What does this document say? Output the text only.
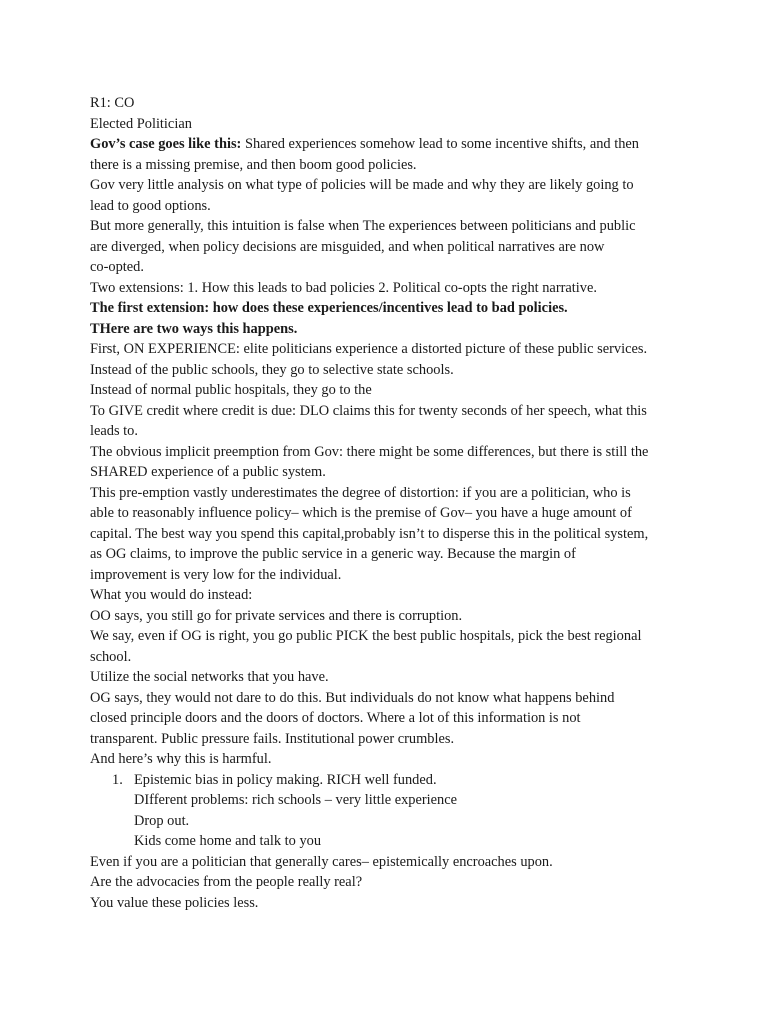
R1: CO
Elected Politician
Gov’s case goes like this: Shared experiences somehow lead to some incentive shifts, and then
there is a missing premise, and then boom good policies.
Gov very little analysis on what type of policies will be made and why they are likely going to
lead to good options.
But more generally, this intuition is false when The experiences between politicians and public
are diverged, when policy decisions are misguided, and when political narratives are now
co-opted.
Two extensions: 1. How this leads to bad policies 2. Political co-opts the right narrative.
The first extension: how does these experiences/incentives lead to bad policies.
THere are two ways this happens.
First, ON EXPERIENCE: elite politicians experience a distorted picture of these public services.
Instead of the public schools, they go to selective state schools.
Instead of normal public hospitals, they go to the
To GIVE credit where credit is due: DLO claims this for twenty seconds of her speech, what this
leads to.
The obvious implicit preemption from Gov: there might be some differences, but there is still the
SHARED experience of a public system.
This pre-emption vastly underestimates the degree of distortion: if you are a politician, who is
able to reasonably influence policy– which is the premise of Gov– you have a huge amount of
capital. The best way you spend this capital,probably isn’t to disperse this in the political system,
as OG claims, to improve the public service in a generic way. Because the margin of
improvement is very low for the individual.
What you would do instead:
OO says, you still go for private services and there is corruption.
We say, even if OG is right, you go public PICK the best public hospitals, pick the best regional
school.
Utilize the social networks that you have.
OG says, they would not dare to do this. But individuals do not know what happens behind
closed principle doors and the doors of doctors. Where a lot of this information is not
transparent. Public pressure fails. Institutional power crumbles.
And here’s why this is harmful.
1. Epistemic bias in policy making. RICH well funded.
DIfferent problems: rich schools – very little experience
Drop out.
Kids come home and talk to you
Even if you are a politician that generally cares– epistemically encroaches upon.
Are the advocacies from the people really real?
You value these policies less.
